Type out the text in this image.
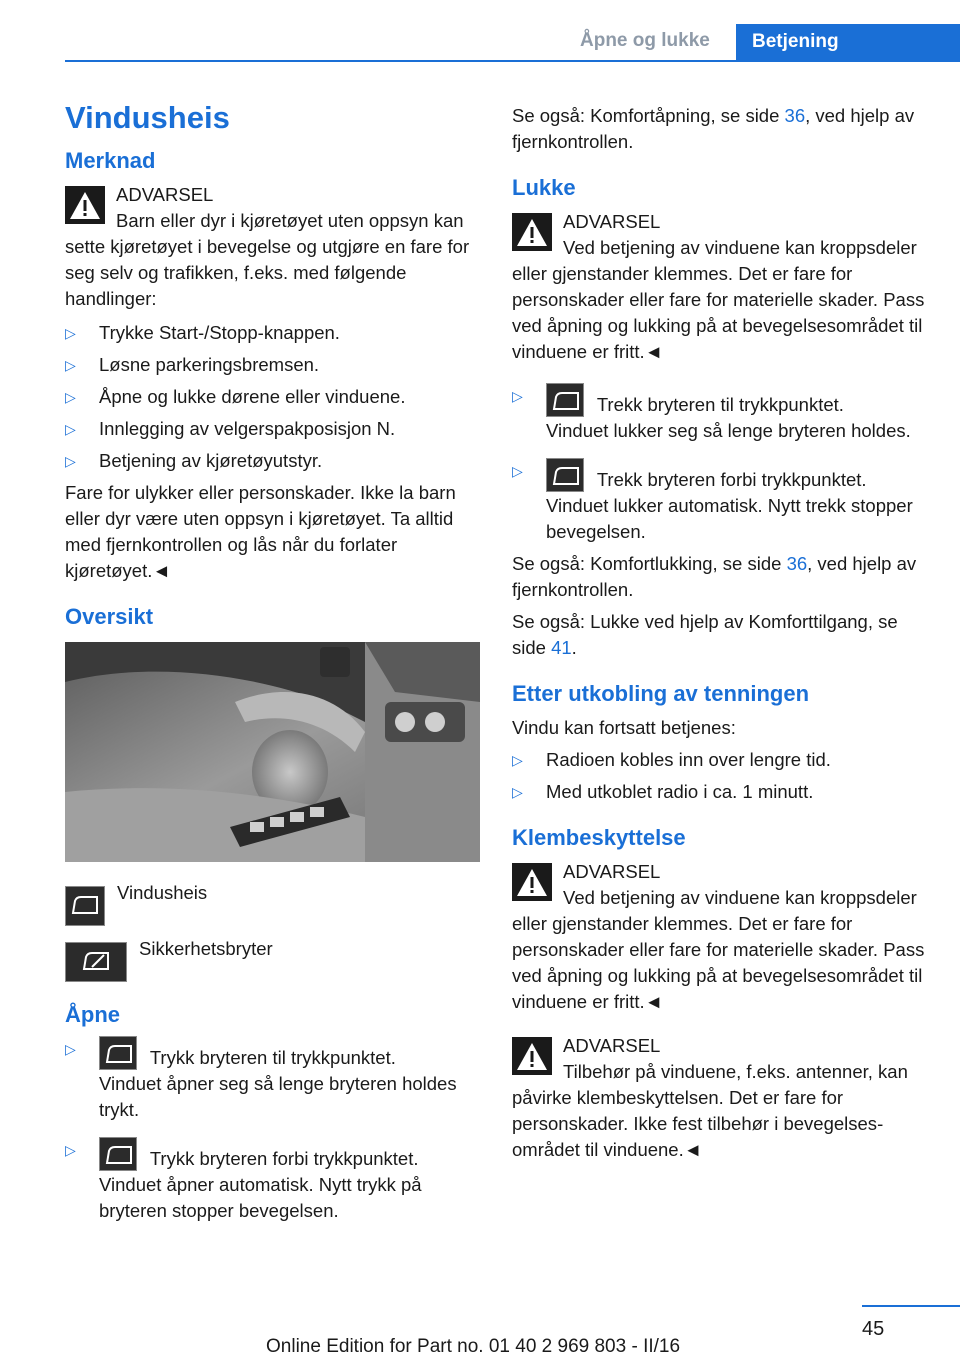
Åpne og lukke	Betjening
Vindusheis
Merknad
ADVARSEL
Barn eller dyr i kjøretøyet uten oppsyn kan sette kjøretøyet i bevegelse og utgjøre en fare for seg selv og trafikken, f.eks. med følgende handlinger:
▷ Trykke Start-/Stopp-knappen.
▷ Løsne parkeringsbremsen.
▷ Åpne og lukke dørene eller vinduene.
▷ Innlegging av velgerspakposisjon N.
▷ Betjening av kjøretøyutstyr.

Fare for ulykker eller personskader. Ikke la barn eller dyr være uten oppsyn i kjøretøyet. Ta alltid med fjernkontrollen og lås når du forlater kjøretøyet.◄

Oversikt
Vindusheis
Sikkerhetsbryter
Åpne
▷	Trykk bryteren til trykkpunktet.
Vinduet åpner seg så lenge bryteren holdes trykt.
▷	Trykk bryteren forbi trykkpunktet.
Vinduet åpner automatisk. Nytt trykk på bryteren stopper bevegelsen.

Se også: Komfortåpning, se side 36, ved hjelp av fjernkontrollen.

Lukke
ADVARSEL
Ved betjening av vinduene kan kroppsdeler eller gjenstander klemmes. Det er fare for personskader eller fare for materielle skader. Pass ved åpning og lukking på at bevegelsesområdet til vinduene er fritt.◄
▷	Trekk bryteren til trykkpunktet.
Vinduet lukker seg så lenge bryteren holdes.
▷	Trekk bryteren forbi trykkpunktet.
Vinduet lukker automatisk. Nytt trekk stopper bevegelsen.

Se også: Komfortlukking, se side 36, ved hjelp av fjernkontrollen.

Se også: Lukke ved hjelp av Komforttilgang, se side 41.

Etter utkobling av tenningen

Vindu kan fortsatt betjenes:

▷ Radioen kobles inn over lengre tid.
▷ Med utkoblet radio i ca. 1 minutt.
Klembeskyttelse
ADVARSEL
Ved betjening av vinduene kan kroppsdeler eller gjenstander klemmes. Det er fare for personskader eller fare for materielle skader. Pass ved åpning og lukking på at bevegelsesområdet til vinduene er fritt.◄
ADVARSEL
Tilbehør på vinduene, f.eks. antenner, kan påvirke klembeskyttelsen. Det er fare for personskader. Ikke fest tilbehør i bevegelsesområdet til vinduene.◄
45
Online Edition for Part no. 01 40 2 969 803 - II/16
